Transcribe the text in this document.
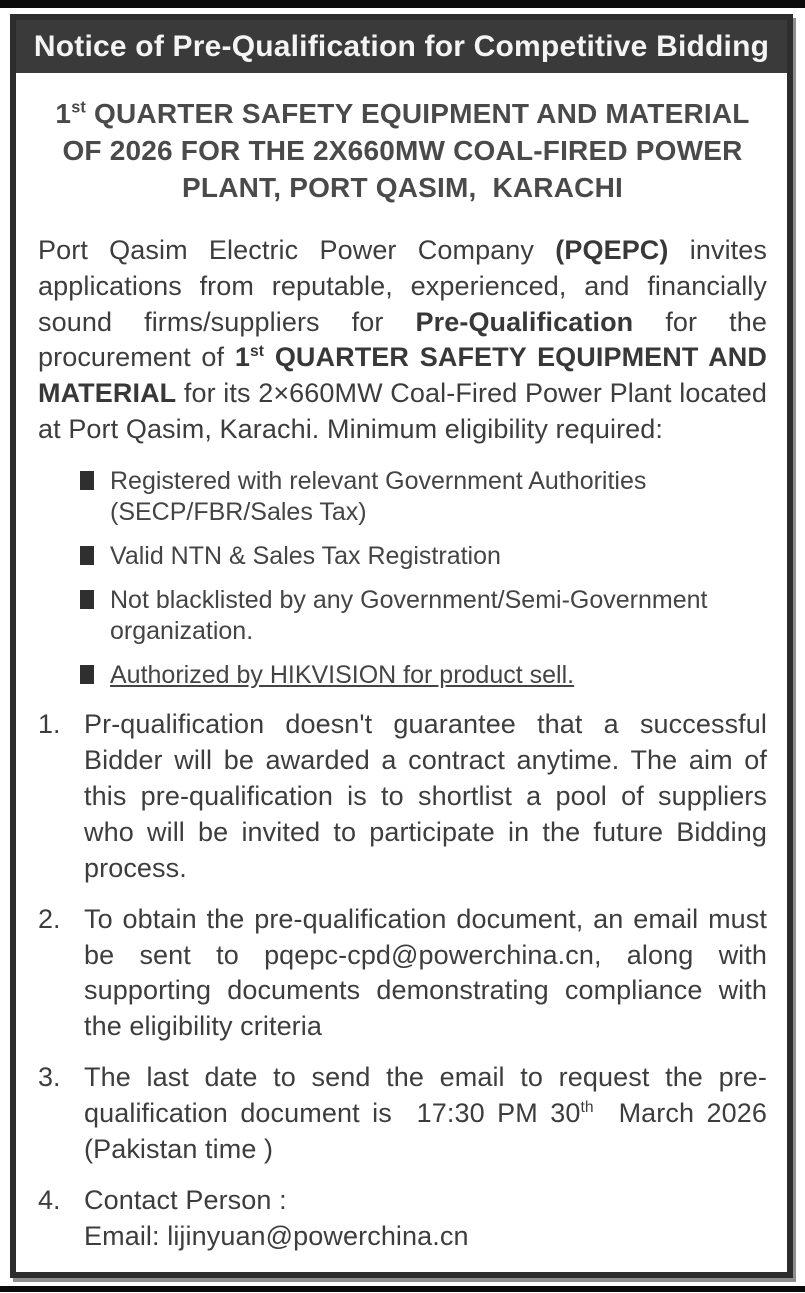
Notice of Pre-Qualification for Competitive Bidding
1st QUARTER SAFETY EQUIPMENT AND MATERIAL OF 2026 FOR THE 2X660MW COAL-FIRED POWER PLANT, PORT QASIM,  KARACHI

Port Qasim Electric Power Company (PQEPC) invites applications from reputable, experienced, and financially sound firms/suppliers for Pre-Qualification for the procurement of 1st QUARTER SAFETY EQUIPMENT AND MATERIAL for its 2×660MW Coal-Fired Power Plant located at Port Qasim, Karachi. Minimum eligibility required:

Registered with relevant Government Authorities (SECP/FBR/Sales Tax)
Valid NTN & Sales Tax Registration
Not blacklisted by any Government/Semi-Government organization.
Authorized by HIKVISION for product sell.
1. Pr-qualification doesn't guarantee that a successful Bidder will be awarded a contract anytime. The aim of this pre-qualification is to shortlist a pool of suppliers who will be invited to participate in the future Bidding process.
2. To obtain the pre-qualification document, an email must be sent to pqepc-cpd@powerchina.cn, along with supporting documents demonstrating compliance with the eligibility criteria
3. The last date to send the email to request the pre-qualification document is  17:30 PM 30th  March 2026 (Pakistan time )
4. Contact Person :
Email: lijinyuan@powerchina.cn
